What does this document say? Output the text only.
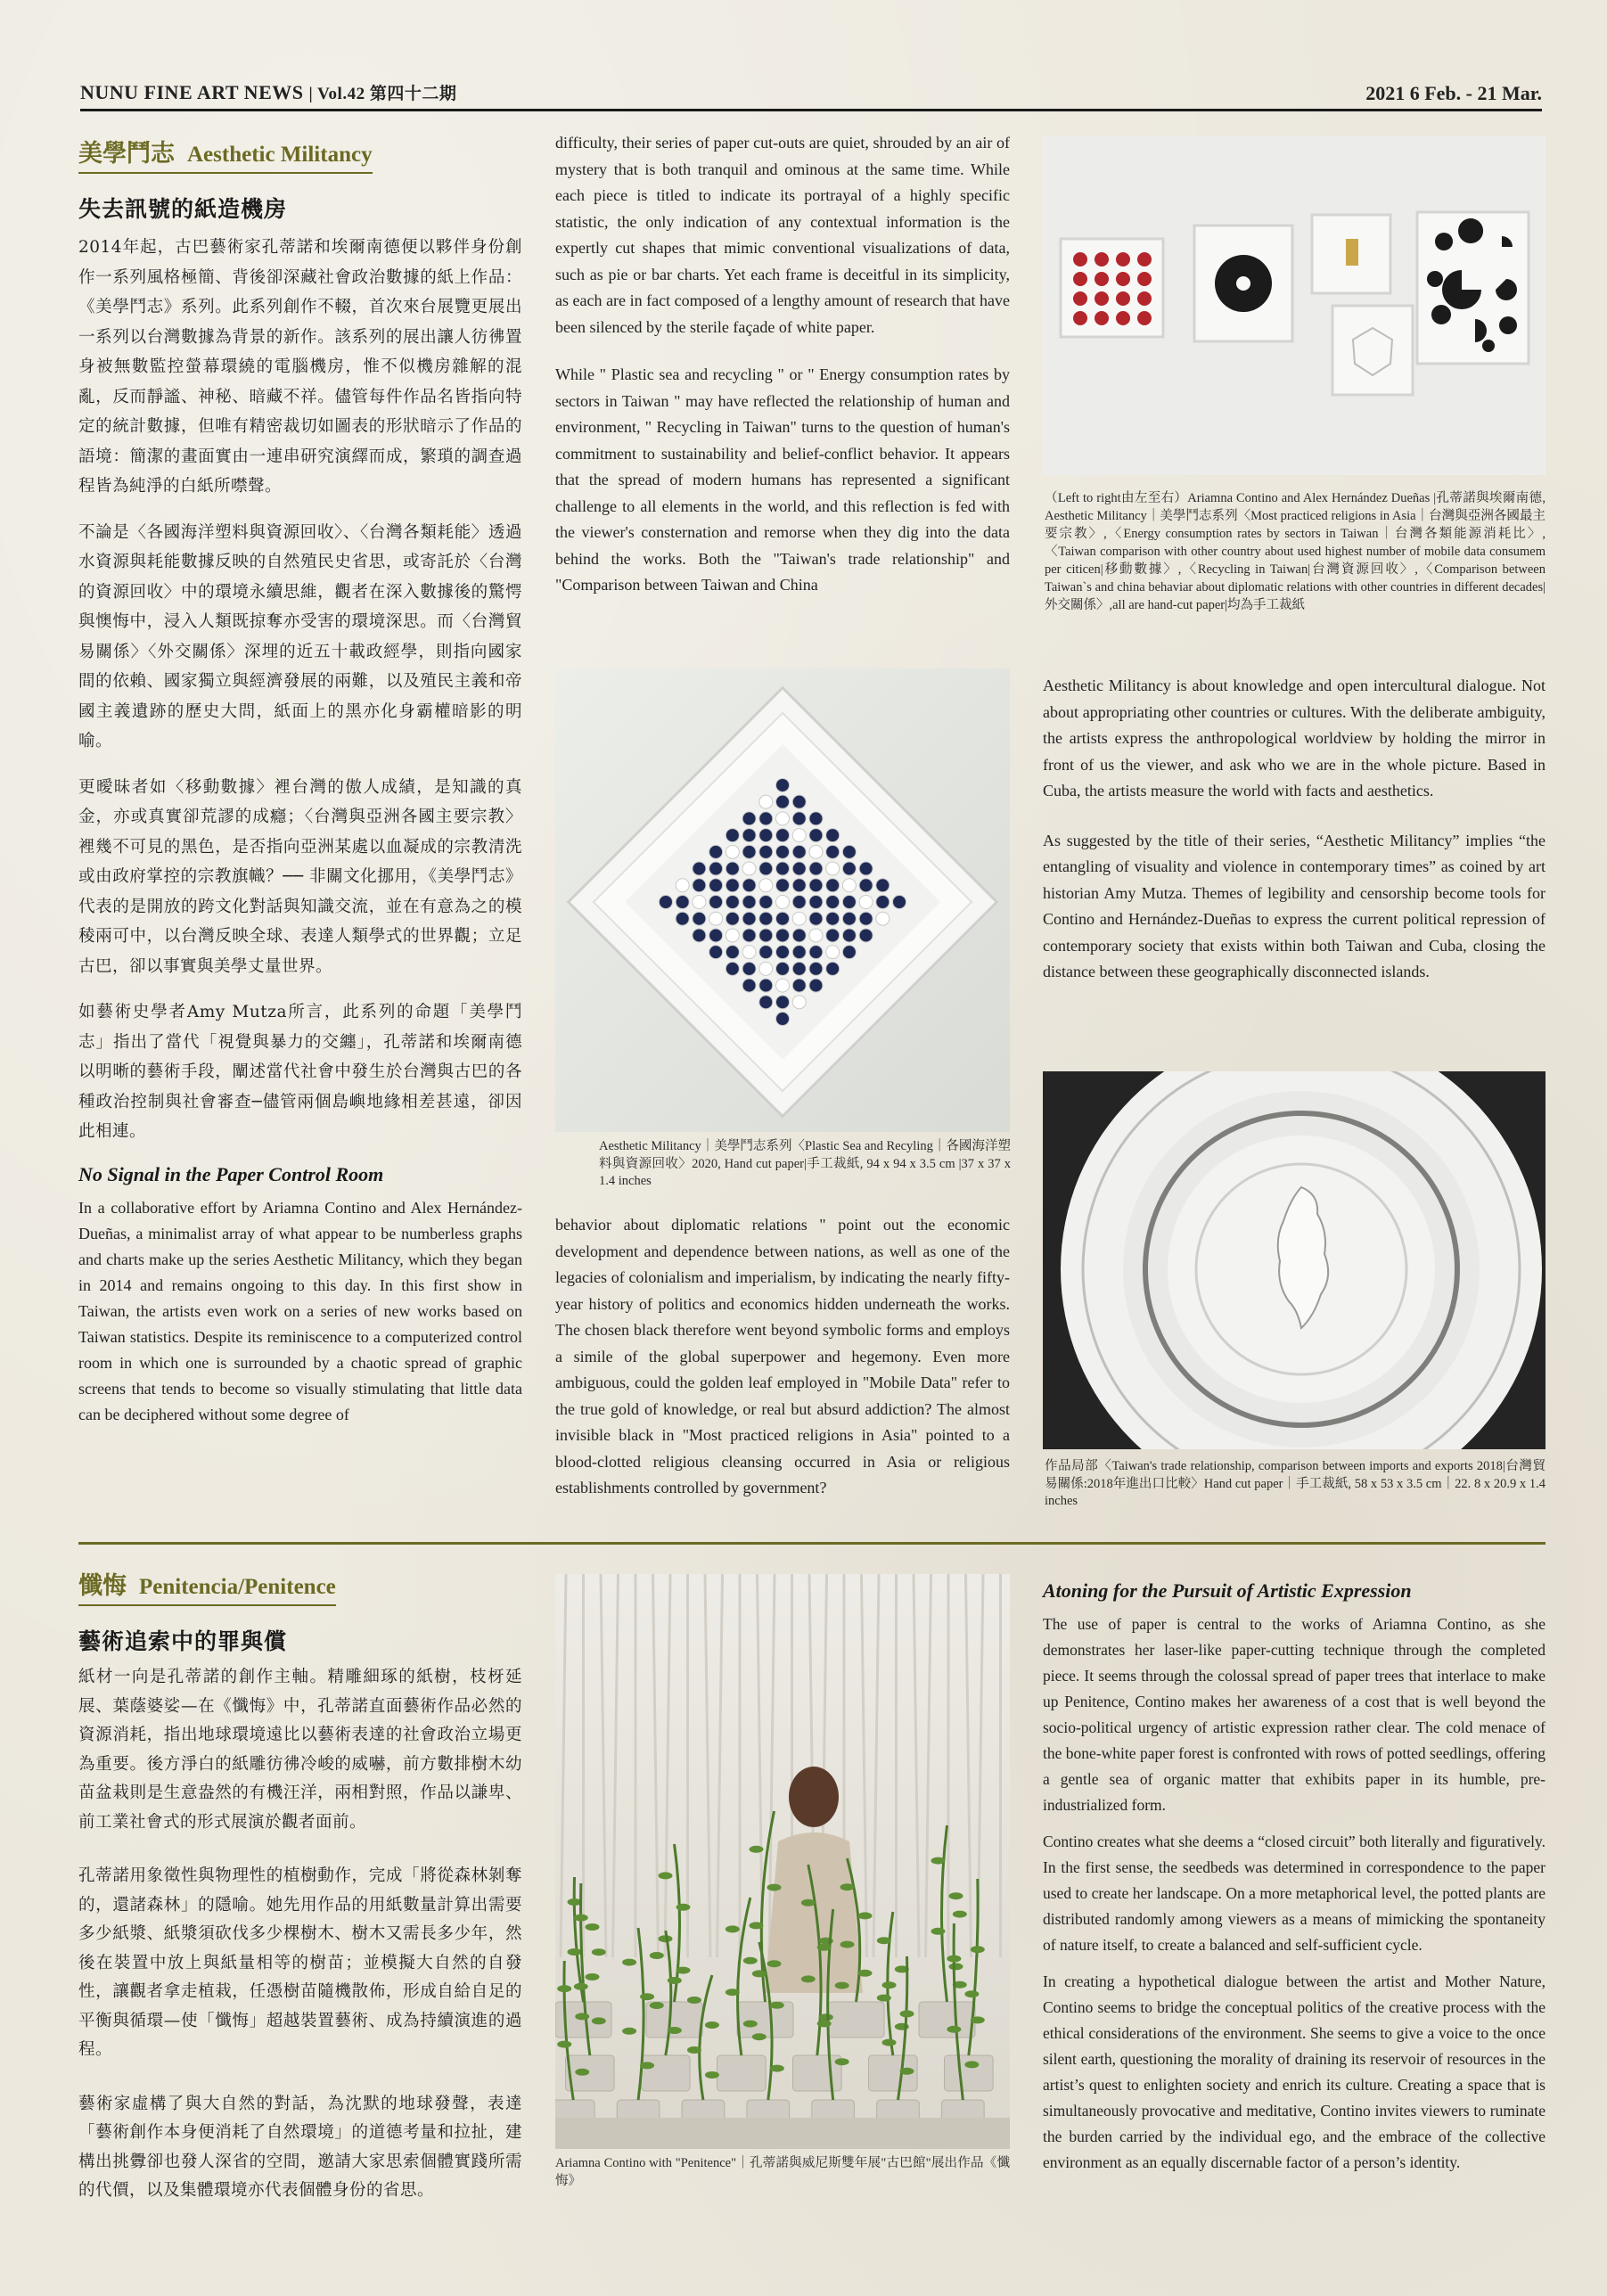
NUNU FINE ART NEWS | Vol.42 第四十二期	2021 6 Feb. - 21 Mar.
美學鬥志 Aesthetic Militancy
失去訊號的紙造機房

2014年起，古巴藝術家孔蒂諾和埃爾南德便以夥伴身份創作一系列風格極簡、背後卻深藏社會政治數據的紙上作品：《美學鬥志》系列。此系列創作不輟，首次來台展覽更展出一系列以台灣數據為背景的新作。該系列的展出讓人彷彿置身被無數監控螢幕環繞的電腦機房，惟不似機房雜解的混亂，反而靜謐、神秘、暗藏不祥。儘管每件作品名皆指向特定的統計數據，但唯有精密裁切如圖表的形狀暗示了作品的語境：簡潔的畫面實由一連串研究演繹而成，繁瑣的調查過程皆為純淨的白紙所噤聲。

不論是〈各國海洋塑料與資源回收〉、〈台灣各類耗能〉透過水資源與耗能數據反映的自然殖民史省思，或寄託於〈台灣的資源回收〉中的環境永續思維，觀者在深入數據後的驚愕與懊悔中，浸入人類既掠奪亦受害的環境深思。而〈台灣貿易關係〉〈外交關係〉深埋的近五十載政經學，則指向國家間的依賴、國家獨立與經濟發展的兩難，以及殖民主義和帝國主義遺跡的歷史大問，紙面上的黑亦化身霸權暗影的明喻。

更曖昧者如〈移動數據〉裡台灣的傲人成績，是知識的真金，亦或真實卻荒謬的成癮；〈台灣與亞洲各國主要宗教〉裡幾不可見的黑色，是否指向亞洲某處以血凝成的宗教清洗或由政府掌控的宗教旗幟？── 非關文化挪用，《美學鬥志》代表的是開放的跨文化對話與知識交流，並在有意為之的模稜兩可中，以台灣反映全球、表達人類學式的世界觀；立足古巴，卻以事實與美學丈量世界。

如藝術史學者Amy Mutza所言，此系列的命題「美學鬥志」指出了當代「視覺與暴力的交纏」，孔蒂諾和埃爾南德以明晰的藝術手段，闡述當代社會中發生於台灣與古巴的各種政治控制與社會審查─儘管兩個島嶼地緣相差甚遠，卻因此相連。

No Signal in the Paper Control Room

In a collaborative effort by Ariamna Contino and Alex Hernández-Dueñas, a minimalist array of what appear to be numberless graphs and charts make up the series Aesthetic Militancy, which they began in 2014 and remains ongoing to this day. In this first show in Taiwan, the artists even work on a series of new works based on Taiwan statistics. Despite its reminiscence to a computerized control room in which one is surrounded by a chaotic spread of graphic screens that tends to become so visually stimulating that little data can be deciphered without some degree of

difficulty, their series of paper cut-outs are quiet, shrouded by an air of mystery that is both tranquil and ominous at the same time. While each piece is titled to indicate its portrayal of a highly specific statistic, the only indication of any contextual information is the expertly cut shapes that mimic conventional visualizations of data, such as pie or bar charts. Yet each frame is deceitful in its simplicity, as each are in fact composed of a lengthy amount of research that have been silenced by the sterile façade of white paper.

While " Plastic sea and recycling " or " Energy consumption rates by sectors in Taiwan " may have reflected the relationship of human and environment, " Recycling in Taiwan" turns to the question of human's commitment to sustainability and belief-conflict behavior. It appears that the spread of modern humans has represented a significant challenge to all elements in the world, and this reflection is fed with the viewer's consternation and remorse when they dig into the data behind the works. Both the "Taiwan's trade relationship" and "Comparison between Taiwan and China

Aesthetic Militancy｜美學鬥志系列〈Plastic Sea and Recyling｜各國海洋塑料與資源回收〉2020, Hand cut paper|手工裁紙, 94 x 94 x 3.5 cm |37 x 37 x 1.4 inches

behavior about diplomatic relations " point out the economic development and dependence between nations, as well as one of the legacies of colonialism and imperialism, by indicating the nearly fifty-year history of politics and economics hidden underneath the works. The chosen black therefore went beyond symbolic forms and employs a simile of the global superpower and hegemony. Even more ambiguous, could the golden leaf employed in "Mobile Data" refer to the true gold of knowledge, or real but absurd addiction? The almost invisible black in "Most practiced religions in Asia" pointed to a blood-clotted religious cleansing occurred in Asia or religious establishments controlled by government?

（Left to right由左至右）Ariamna Contino and Alex Hernández Dueñas |孔蒂諾與埃爾南德, Aesthetic Militancy｜美學鬥志系列〈Most practiced religions in Asia｜台灣與亞洲各國最主要宗教〉,〈Energy consumption rates by sectors in Taiwan｜台灣各類能源消耗比〉,〈Taiwan comparison with other country about used highest number of mobile data consumem per citicen|移動數據〉,〈Recycling in Taiwan|台灣資源回收〉,〈Comparison between Taiwan`s and china behaviar about diplomatic relations with other countries in different decades|外交關係〉,all are hand-cut paper|均為手工裁紙

Aesthetic Militancy is about knowledge and open intercultural dialogue. Not about appropriating other countries or cultures. With the deliberate ambiguity, the artists express the anthropological worldview by holding the mirror in front of us the viewer, and ask who we are in the whole picture. Based in Cuba, the artists measure the world with facts and aesthetics.

As suggested by the title of their series, “Aesthetic Militancy” implies “the entangling of visuality and violence in contemporary times” as coined by art historian Amy Mutza. Themes of legibility and censorship become tools for Contino and Hernández-Dueñas to express the current political repression of contemporary society that exists within both Taiwan and Cuba, closing the distance between these geographically disconnected islands.

作品局部〈Taiwan's trade relationship, comparison between imports and exports 2018|台灣貿易關係:2018年進出口比較〉Hand cut paper｜手工裁紙, 58 x 53 x 3.5 cm｜22. 8 x 20.9 x 1.4 inches
懺悔 Penitencia/Penitence
藝術追索中的罪與償

紙材一向是孔蒂諾的創作主軸。精雕細琢的紙樹，枝枒延展、葉蔭婆娑—在《懺悔》中，孔蒂諾直面藝術作品必然的資源消耗，指出地球環境遠比以藝術表達的社會政治立場更為重要。後方淨白的紙雕彷彿冷峻的威嚇，前方數排樹木幼苗盆栽則是生意盎然的有機汪洋，兩相對照，作品以謙卑、前工業社會式的形式展演於觀者面前。

孔蒂諾用象徵性與物理性的植樹動作，完成「將從森林剝奪的，還諸森林」的隱喻。她先用作品的用紙數量計算出需要多少紙漿、紙漿須砍伐多少棵樹木、樹木又需長多少年，然後在裝置中放上與紙量相等的樹苗；並模擬大自然的自發性，讓觀者拿走植栽，任憑樹苗隨機散佈，形成自給自足的平衡與循環—使「懺悔」超越裝置藝術、成為持續演進的過程。

藝術家虛構了與大自然的對話，為沈默的地球發聲，表達「藝術創作本身便消耗了自然環境」的道德考量和拉扯，建構出挑釁卻也發人深省的空間，邀請大家思索個體實踐所需的代價，以及集體環境亦代表個體身份的省思。

Ariamna Contino with "Penitence"｜孔蒂諾與威尼斯雙年展"古巴館"展出作品《懺悔》
Atoning for the Pursuit of Artistic Expression

The use of paper is central to the works of Ariamna Contino, as she demonstrates her laser-like paper-cutting technique through the completed piece. It seems through the colossal spread of paper trees that interlace to make up Penitence, Contino makes her awareness of a cost that is well beyond the socio-political urgency of artistic expression rather clear. The cold menace of the bone-white paper forest is confronted with rows of potted seedlings, offering a gentle sea of organic matter that exhibits paper in its humble, pre-industrialized form.

Contino creates what she deems a “closed circuit” both literally and figuratively. In the first sense, the seedbeds was determined in correspondence to the paper used to create her landscape. On a more metaphorical level, the potted plants are distributed randomly among viewers as a means of mimicking the spontaneity of nature itself, to create a balanced and self-sufficient cycle.

In creating a hypothetical dialogue between the artist and Mother Nature, Contino seems to bridge the conceptual politics of the creative process with the ethical considerations of the environment. She seems to give a voice to the once silent earth, questioning the morality of draining its reservoir of resources in the artist’s quest to enlighten society and enrich its culture. Creating a space that is simultaneously provocative and meditative, Contino invites viewers to ruminate the burden carried by the individual ego, and the embrace of the collective environment as an equally discernable factor of a person’s identity.
